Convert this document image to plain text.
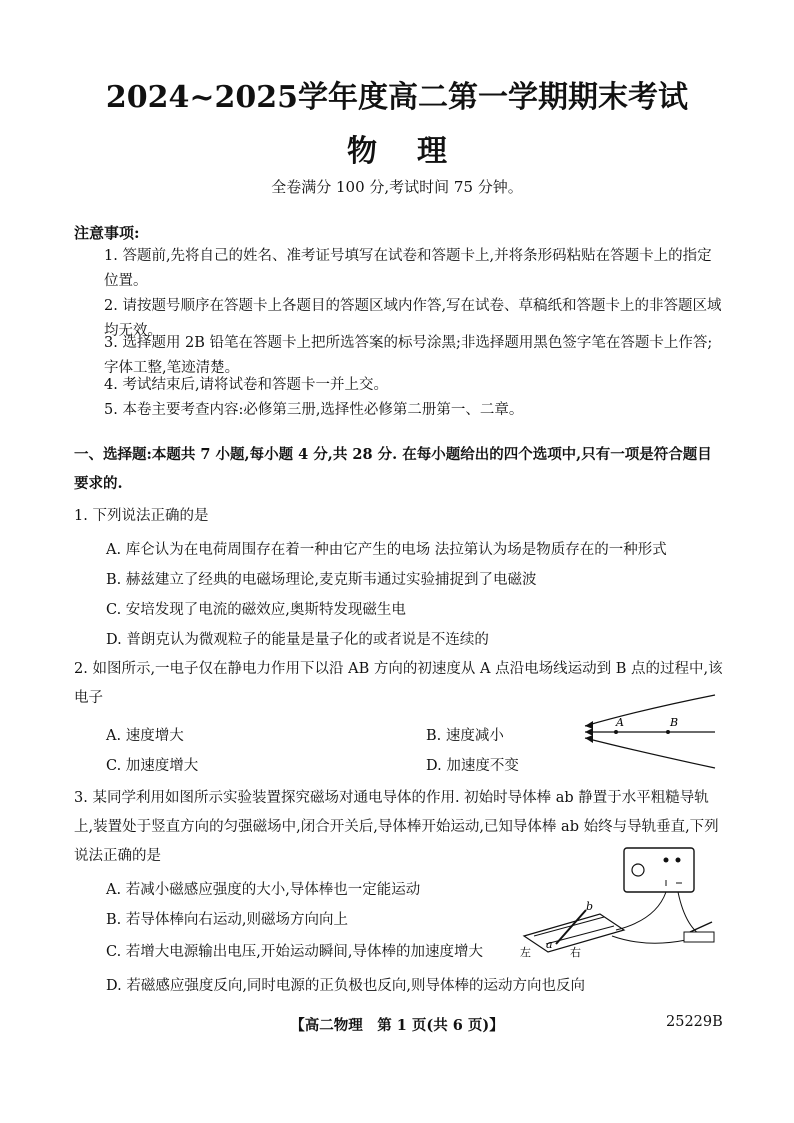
2024~2025学年度高二第一学期期末考试
物理
全卷满分 100 分,考试时间 75 分钟。
注意事项:
1. 答题前,先将自己的姓名、准考证号填写在试卷和答题卡上,并将条形码粘贴在答题卡上的指定位置。
2. 请按题号顺序在答题卡上各题目的答题区域内作答,写在试卷、草稿纸和答题卡上的非答题区域均无效。
3. 选择题用 2B 铅笔在答题卡上把所选答案的标号涂黑;非选择题用黑色签字笔在答题卡上作答;字体工整,笔迹清楚。
4. 考试结束后,请将试卷和答题卡一并上交。
5. 本卷主要考查内容:必修第三册,选择性必修第二册第一、二章。
一、选择题:本题共 7 小题,每小题 4 分,共 28 分. 在每小题给出的四个选项中,只有一项是符合题目要求的.
1. 下列说法正确的是
A. 库仑认为在电荷周围存在着一种由它产生的电场 法拉第认为场是物质存在的一种形式
B. 赫兹建立了经典的电磁场理论,麦克斯韦通过实验捕捉到了电磁波
C. 安培发现了电流的磁效应,奥斯特发现磁生电
D. 普朗克认为微观粒子的能量是量子化的或者说是不连续的
2. 如图所示,一电子仅在静电力作用下以沿 AB 方向的初速度从 A 点沿电场线运动到 B 点的过程中,该电子
A. 速度增大	B. 速度减小
C. 加速度增大	D. 加速度不变
A	B
3. 某同学利用如图所示实验装置探究磁场对通电导体的作用. 初始时导体棒 ab 静置于水平粗糙导轨上,装置处于竖直方向的匀强磁场中,闭合开关后,导体棒开始运动,已知导体棒 ab 始终与导轨垂直,下列说法正确的是
A. 若减小磁感应强度的大小,导体棒也一定能运动
B. 若导体棒向右运动,则磁场方向向上
C. 若增大电源输出电压,开始运动瞬间,导体棒的加速度增大
D. 若磁感应强度反向,同时电源的正负极也反向,则导体棒的运动方向也反向
b
a
左	右
【高二物理　第 1 页(共 6 页)】	25229B
